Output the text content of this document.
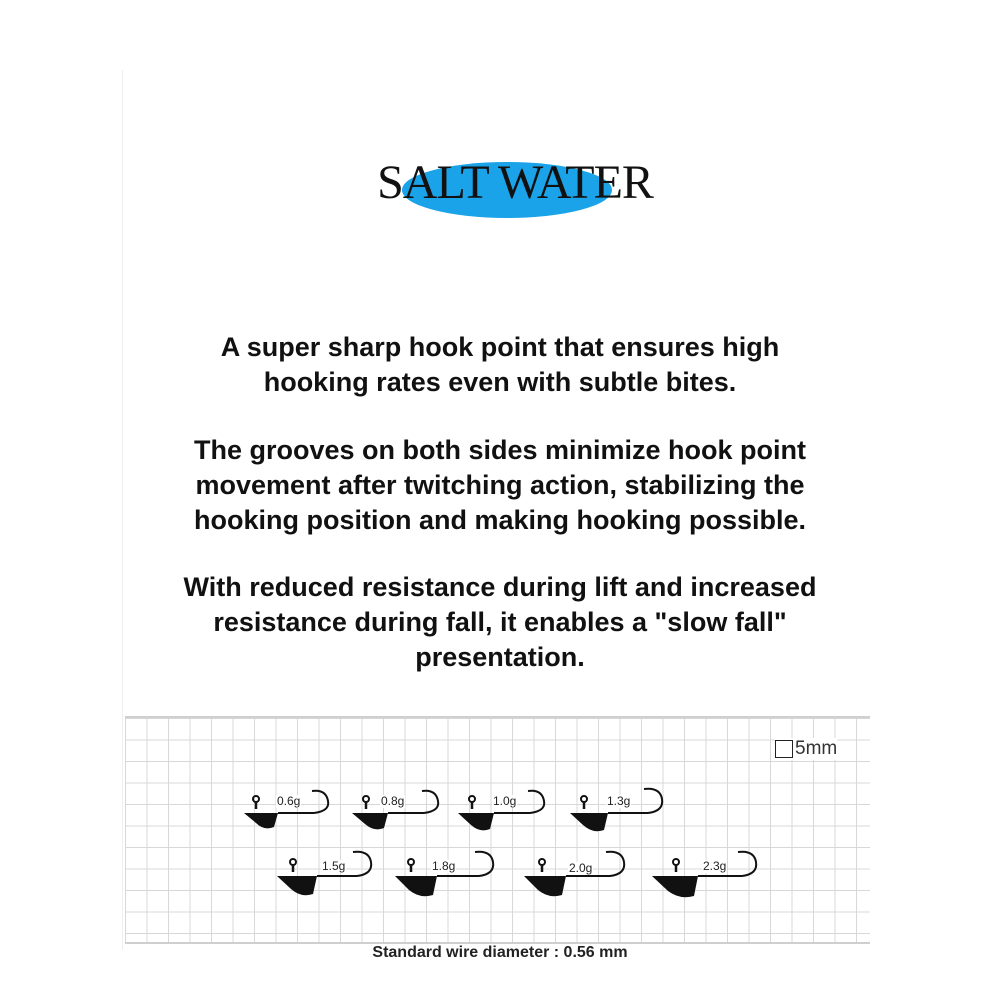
SALT WATER
A super sharp hook point that ensures high
hooking rates even with subtle bites.
The grooves on both sides minimize hook point
movement after twitching action, stabilizing the
hooking position and making hooking possible.
With reduced resistance during lift and increased
resistance during fall, it enables a "slow fall"
presentation.
5mm
0.6g	0.8g	1.0g	1.3g
1.5g	1.8g	2.0g	2.3g
Standard wire diameter : 0.56 mm
